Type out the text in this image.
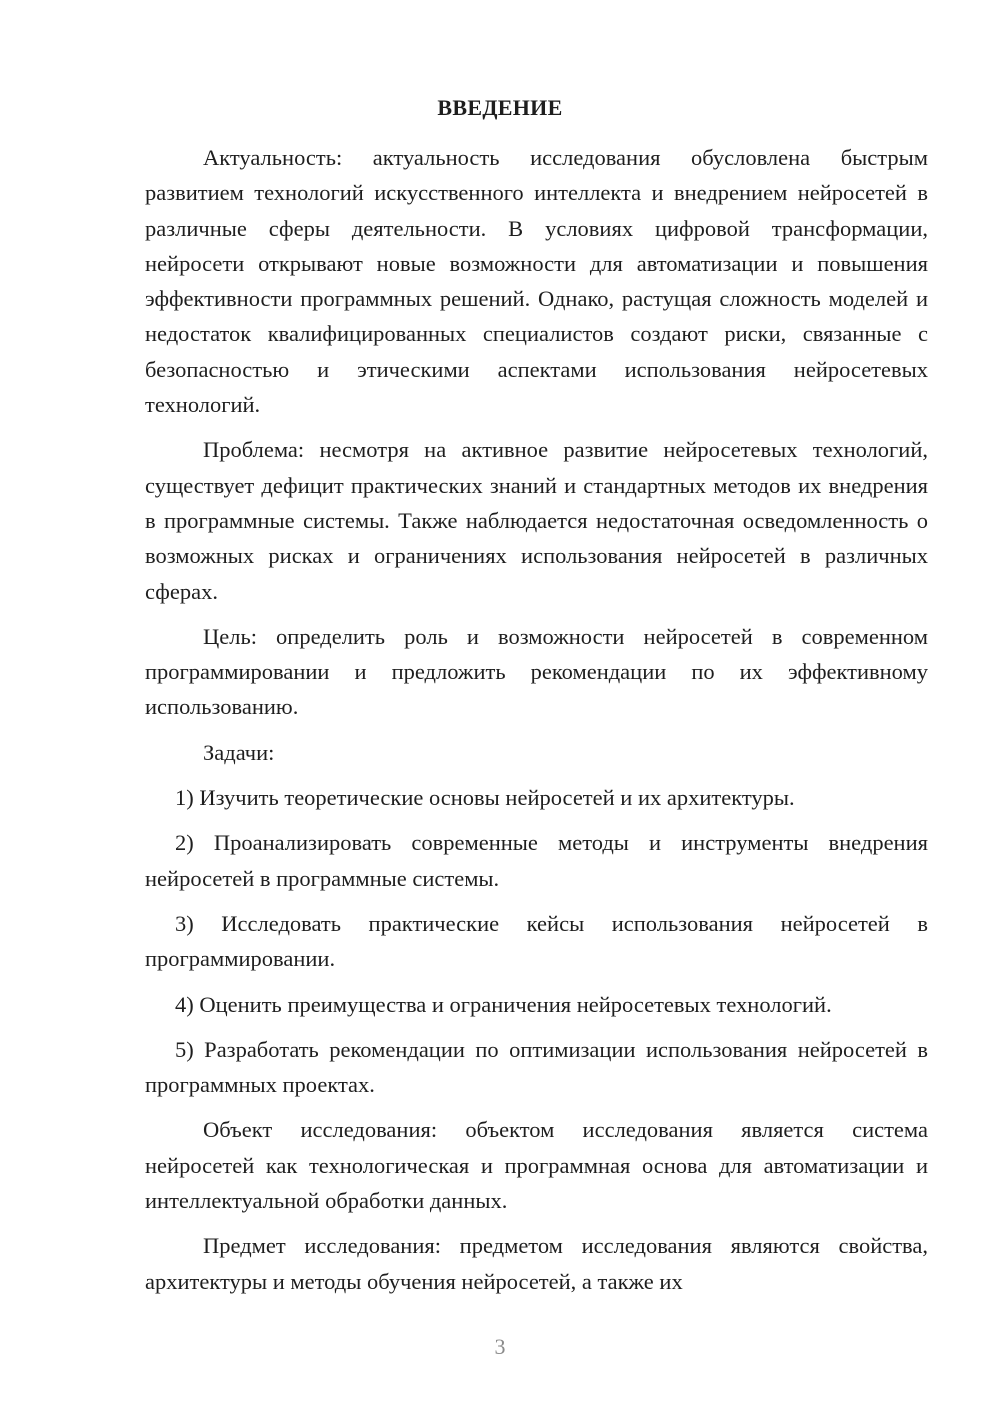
ВВЕДЕНИЕ

Актуальность: актуальность исследования обусловлена быстрым развитием технологий искусственного интеллекта и внедрением нейросетей в различные сферы деятельности. В условиях цифровой трансформации, нейросети открывают новые возможности для автоматизации и повышения эффективности программных решений. Однако, растущая сложность моделей и недостаток квалифицированных специалистов создают риски, связанные с безопасностью и этическими аспектами использования нейросетевых технологий.

Проблема: несмотря на активное развитие нейросетевых технологий, существует дефицит практических знаний и стандартных методов их внедрения в программные системы. Также наблюдается недостаточная осведомленность о возможных рисках и ограничениях использования нейросетей в различных сферах.

Цель: определить роль и возможности нейросетей в современном программировании и предложить рекомендации по их эффективному использованию.

Задачи:

1) Изучить теоретические основы нейросетей и их архитектуры.

2) Проанализировать современные методы и инструменты внедрения нейросетей в программные системы.

3) Исследовать практические кейсы использования нейросетей в программировании.

4) Оценить преимущества и ограничения нейросетевых технологий.

5) Разработать рекомендации по оптимизации использования нейросетей в программных проектах.

Объект исследования: объектом исследования является система нейросетей как технологическая и программная основа для автоматизации и интеллектуальной обработки данных.

Предмет исследования: предметом исследования являются свойства, архитектуры и методы обучения нейросетей, а также их

3
